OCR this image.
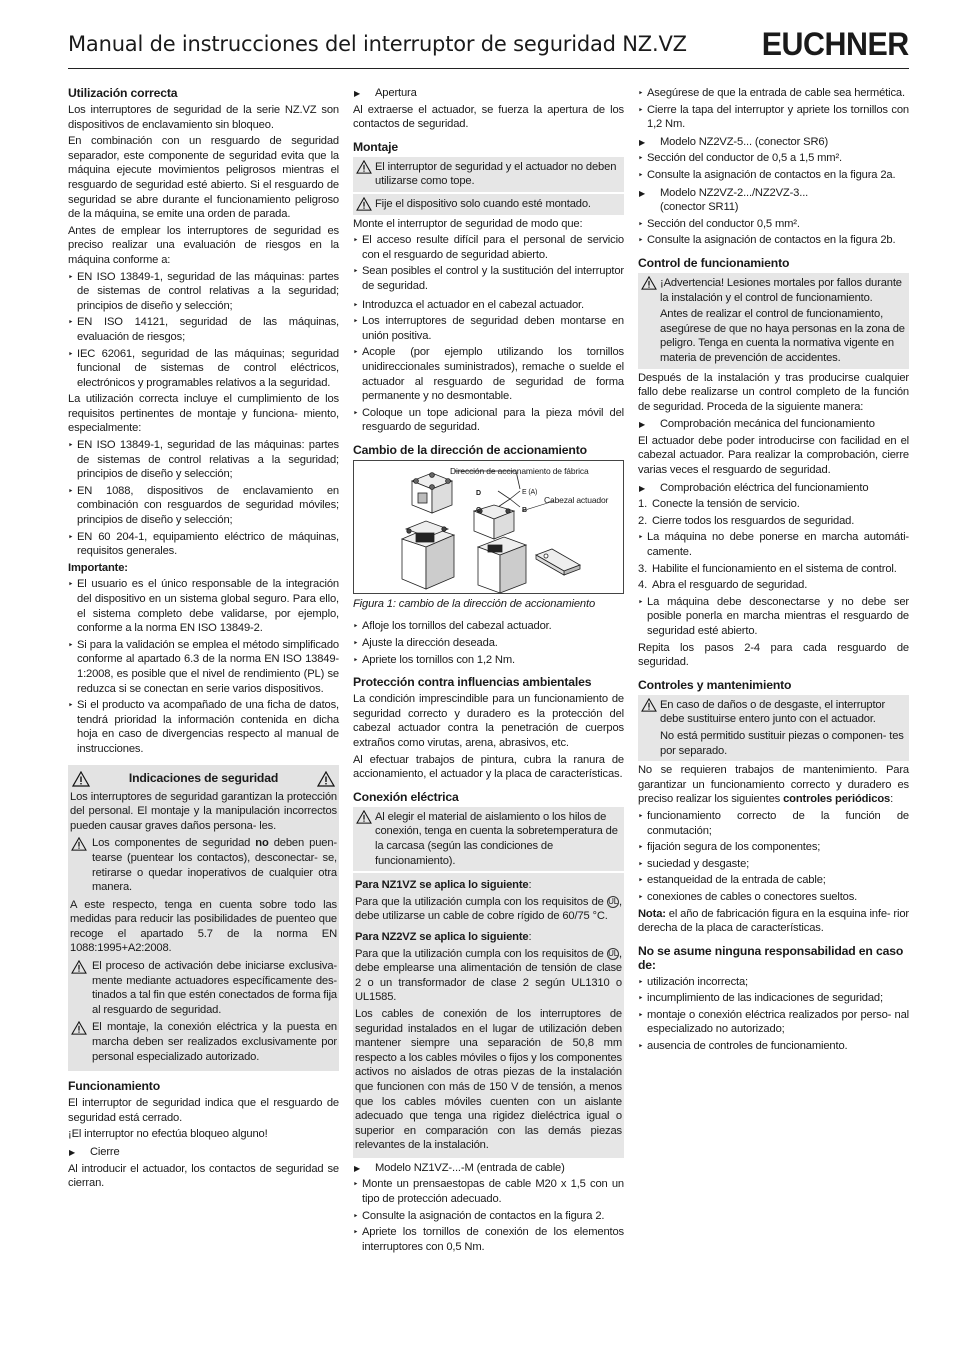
Manual de instrucciones del interruptor de seguridad NZ.VZ EUCHNER
Utilización correcta

Los interruptores de seguridad de la serie NZ.VZ son dispositivos de enclavamiento sin bloqueo.

En combinación con un resguardo de seguridad separador, este componente de seguridad evita que la máquina ejecute movimientos peligrosos mientras el resguardo de seguridad esté abierto. Si el resguardo de seguridad se abre durante el funcionamiento peligroso de la máquina, se emite una orden de parada.

Antes de emplear los interruptores de seguridad es preciso realizar una evaluación de riesgos en la máquina conforme a:

‣ EN ISO 13849-1, seguridad de las máquinas: partes de sistemas de control relativas a la seguridad; principios de diseño y selección;
‣ EN ISO 14121, seguridad de las máquinas, evaluación de riesgos;
‣ IEC 62061, seguridad de las máquinas; seguridad funcional de sistemas de control eléctricos, electrónicos y programables relativos a la seguridad.

La utilización correcta incluye el cumplimiento de los requisitos pertinentes de montaje y funciona- miento, especialmente:

‣ EN ISO 13849-1, seguridad de las máquinas: partes de sistemas de control relativas a la seguridad; principios de diseño y selección;
‣ EN 1088, dispositivos de enclavamiento en combinación con resguardos de seguridad móviles; principios de diseño y selección;
‣ EN 60 204-1, equipamiento eléctrico de máquinas, requisitos generales.

Importante:

‣ El usuario es el único responsable de la integración del dispositivo en un sistema global seguro. Para ello, el sistema completo debe validarse, por ejemplo, conforme a la norma EN ISO 13849-2.
‣ Si para la validación se emplea el método simplificado conforme al apartado 6.3 de la norma EN ISO 13849-1:2008, es posible que el nivel de rendimiento (PL) se reduzca si se conectan en serie varios dispositivos.
‣ Si el producto va acompañado de una ficha de datos, tendrá prioridad la información contenida en dicha hoja en caso de divergencias respecto al manual de instrucciones.
Indicaciones de seguridad

Los interruptores de seguridad garantizan la protección del personal. El montaje y la manipulación incorrectos pueden causar graves daños persona- les.

Los componentes de seguridad no deben puen- tearse (puentear los contactos), desconectar- se, retirarse o quedar inoperativos de cualquier otra manera.

A este respecto, tenga en cuenta sobre todo las medidas para reducir las posibilidades de puenteo que recoge el apartado 5.7 de la norma EN 1088:1995+A2:2008.

El proceso de activación debe iniciarse exclusiva- mente mediante actuadores específicamente des- tinados a tal fin que estén conectados de forma fija al resguardo de seguridad.
El montaje, la conexión eléctrica y la puesta en marcha deben ser realizados exclusivamente por personal especializado autorizado.
Funcionamiento

El interruptor de seguridad indica que el resguardo de seguridad está cerrado.

¡El interruptor no efectúa bloqueo alguno!

▶ Cierre

Al introducir el actuador, los contactos de seguridad se cierran.

▶ Apertura

Al extraerse el actuador, se fuerza la apertura de los contactos de seguridad.

Montaje
El interruptor de seguridad y el actuador no deben utilizarse como tope.
Fije el dispositivo solo cuando esté montado.

Monte el interruptor de seguridad de modo que:

‣ El acceso resulte difícil para el personal de servicio con el resguardo de seguridad abierto.
‣ Sean posibles el control y la sustitución del interruptor de seguridad.
‣ Introduzca el actuador en el cabezal actuador.
‣ Los interruptores de seguridad deben montarse en unión positiva.
‣ Acople (por ejemplo utilizando los tornillos unidireccionales suministrados), remache o suelde el actuador al resguardo de seguridad de forma permanente y no desmontable.
‣ Coloque un tope adicional para la pieza móvil del resguardo de seguridad.
Cambio de la dirección de accionamiento
Dirección de accionamiento de fábrica
Cabezal actuador
D	E (A)
C	B
Figura 1: cambio de la dirección de accionamiento
‣ Afloje los tornillos del cabezal actuador.
‣ Ajuste la dirección deseada.
‣ Apriete los tornillos con 1,2 Nm.
Protección contra influencias ambientales

La condición imprescindible para un funcionamiento de seguridad correcto y duradero es la protección del cabezal actuador contra la penetración de cuerpos extraños como virutas, arena, abrasivos, etc.

Al efectuar trabajos de pintura, cubra la ranura de accionamiento, el actuador y la placa de características.

Conexión eléctrica
Al elegir el material de aislamiento o los hilos de conexión, tenga en cuenta la sobretemperatura de la carcasa (según las condiciones de funcionamiento).

Para NZ1VZ se aplica lo siguiente:

Para que la utilización cumpla con los requisitos de UL, debe utilizarse un cable de cobre rígido de 60/75 °C.

Para NZ2VZ se aplica lo siguiente:

Para que la utilización cumpla con los requisitos de UL, debe emplearse una alimentación de tensión de clase 2 o un transformador de clase 2 según UL1310 o UL1585.

Los cables de conexión de los interruptores de seguridad instalados en el lugar de utilización deben mantener siempre una separación de 50,8 mm respecto a los cables móviles o fijos y los componentes activos no aislados de otras piezas de la instalación que funcionen con más de 150 V de tensión, a menos que los cables móviles cuenten con un aislante adecuado que tenga una rigidez dieléctrica igual o superior en comparación con las demás piezas relevantes de la instalación.

▶ Modelo NZ1VZ-...-M (entrada de cable)
‣ Monte un prensaestopas de cable M20 x 1,5 con un tipo de protección adecuado.
‣ Consulte la asignación de contactos en la figura 2.
‣ Apriete los tornillos de conexión de los elementos interruptores con 0,5 Nm.
‣ Asegúrese de que la entrada de cable sea hermética.
‣ Cierre la tapa del interruptor y apriete los tornillos con 1,2 Nm.
▶ Modelo NZ2VZ-5... (conector SR6)
‣ Sección del conductor de 0,5 a 1,5 mm².
‣ Consulte la asignación de contactos en la figura 2a.
▶ Modelo NZ2VZ-2.../NZ2VZ-3...
(conector SR11)
‣ Sección del conductor 0,5 mm².
‣ Consulte la asignación de contactos en la figura 2b.
Control de funcionamiento
¡Advertencia! Lesiones mortales por fallos durante la instalación y el control de funcionamiento.
Antes de realizar el control de funcionamiento, asegúrese de que no haya personas en la zona de peligro. Tenga en cuenta la normativa vigente en materia de prevención de accidentes.

Después de la instalación y tras producirse cualquier fallo debe realizarse un control completo de la función de seguridad. Proceda de la siguiente manera:

▶ Comprobación mecánica del funcionamiento

El actuador debe poder introducirse con facilidad en el cabezal actuador. Para realizar la comprobación, cierre varias veces el resguardo de seguridad.

▶ Comprobación eléctrica del funcionamiento
1. Conecte la tensión de servicio.
2. Cierre todos los resguardos de seguridad.
‣ La máquina no debe ponerse en marcha automáti- camente.
3. Habilite el funcionamiento en el sistema de control.
4. Abra el resguardo de seguridad.
‣ La máquina debe desconectarse y no debe ser posible ponerla en marcha mientras el resguardo de seguridad esté abierto.

Repita los pasos 2-4 para cada resguardo de seguridad.

Controles y mantenimiento
En caso de daños o de desgaste, el interruptor debe sustituirse entero junto con el actuador.
No está permitido sustituir piezas o componen- tes por separado.

No se requieren trabajos de mantenimiento. Para garantizar un funcionamiento correcto y duradero es preciso realizar los siguientes controles periódicos:

‣ funcionamiento correcto de la función de conmutación;
‣ fijación segura de los componentes;
‣ suciedad y desgaste;
‣ estanqueidad de la entrada de cable;
‣ conexiones de cables o conectores sueltos.

Nota: el año de fabricación figura en la esquina infe- rior derecha de la placa de características.

No se asume ninguna responsabilidad en caso de:
‣ utilización incorrecta;
‣ incumplimiento de las indicaciones de seguridad;
‣ montaje o conexión eléctrica realizados por perso- nal especializado no autorizado;
‣ ausencia de controles de funcionamiento.
